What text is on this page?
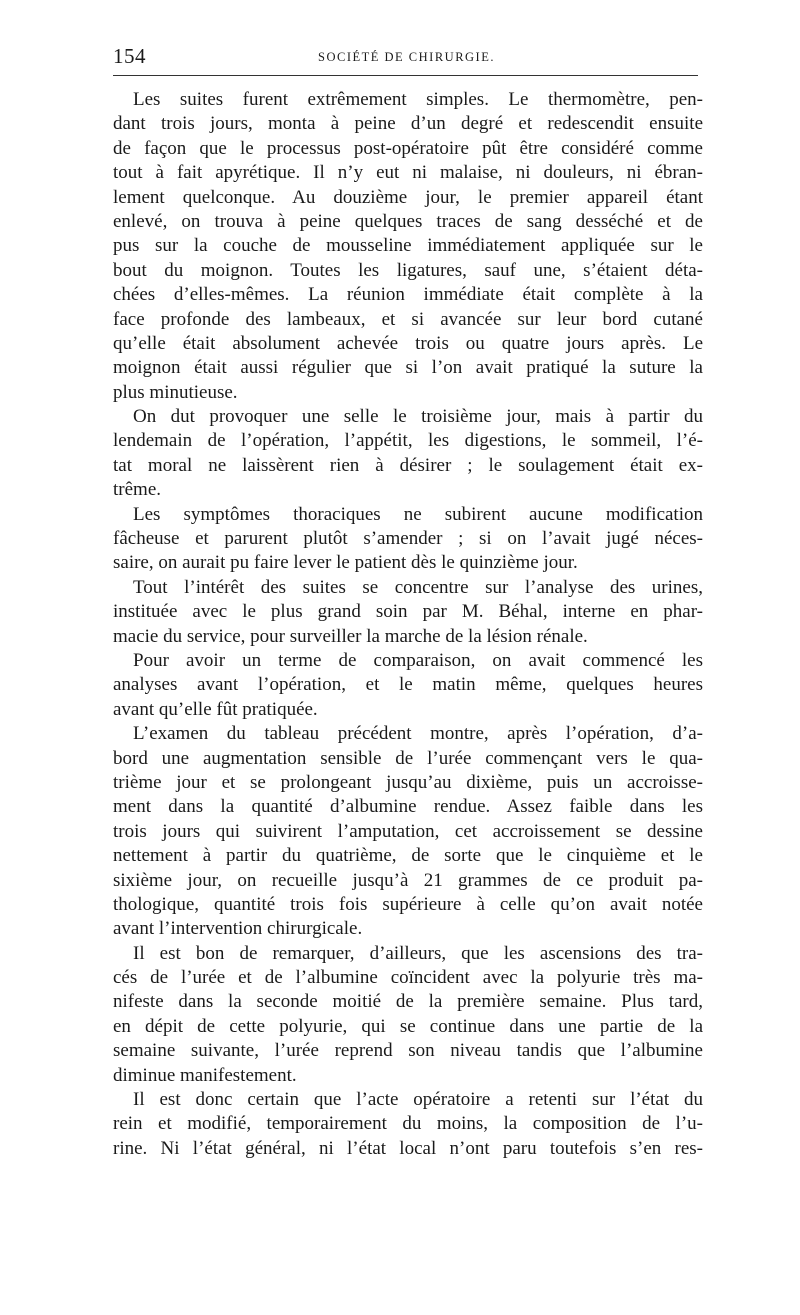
154	SOCIÉTÉ DE CHIRURGIE.
Les suites furent extrêmement simples. Le thermomètre, pen-
dant trois jours, monta à peine d’un degré et redescendit ensuite
de façon que le processus post-opératoire pût être considéré comme
tout à fait apyrétique. Il n’y eut ni malaise, ni douleurs, ni ébran-
lement quelconque. Au douzième jour, le premier appareil étant
enlevé, on trouva à peine quelques traces de sang desséché et de
pus sur la couche de mousseline immédiatement appliquée sur le
bout du moignon. Toutes les ligatures, sauf une, s’étaient déta-
chées d’elles-mêmes. La réunion immédiate était complète à la
face profonde des lambeaux, et si avancée sur leur bord cutané
qu’elle était absolument achevée trois ou quatre jours après. Le
moignon était aussi régulier que si l’on avait pratiqué la suture la
plus minutieuse.
On dut provoquer une selle le troisième jour, mais à partir du
lendemain de l’opération, l’appétit, les digestions, le sommeil, l’é-
tat moral ne laissèrent rien à désirer ; le soulagement était ex-
trême.
Les symptômes thoraciques ne subirent aucune modification
fâcheuse et parurent plutôt s’amender ; si on l’avait jugé néces-
saire, on aurait pu faire lever le patient dès le quinzième jour.
Tout l’intérêt des suites se concentre sur l’analyse des urines,
instituée avec le plus grand soin par M. Béhal, interne en phar-
macie du service, pour surveiller la marche de la lésion rénale.
Pour avoir un terme de comparaison, on avait commencé les
analyses avant l’opération, et le matin même, quelques heures
avant qu’elle fût pratiquée.
L’examen du tableau précédent montre, après l’opération, d’a-
bord une augmentation sensible de l’urée commençant vers le qua-
trième jour et se prolongeant jusqu’au dixième, puis un accroisse-
ment dans la quantité d’albumine rendue. Assez faible dans les
trois jours qui suivirent l’amputation, cet accroissement se dessine
nettement à partir du quatrième, de sorte que le cinquième et le
sixième jour, on recueille jusqu’à 21 grammes de ce produit pa-
thologique, quantité trois fois supérieure à celle qu’on avait notée
avant l’intervention chirurgicale.
Il est bon de remarquer, d’ailleurs, que les ascensions des tra-
cés de l’urée et de l’albumine coïncident avec la polyurie très ma-
nifeste dans la seconde moitié de la première semaine. Plus tard,
en dépit de cette polyurie, qui se continue dans une partie de la
semaine suivante, l’urée reprend son niveau tandis que l’albumine
diminue manifestement.
Il est donc certain que l’acte opératoire a retenti sur l’état du
rein et modifié, temporairement du moins, la composition de l’u-
rine. Ni l’état général, ni l’état local n’ont paru toutefois s’en res-
